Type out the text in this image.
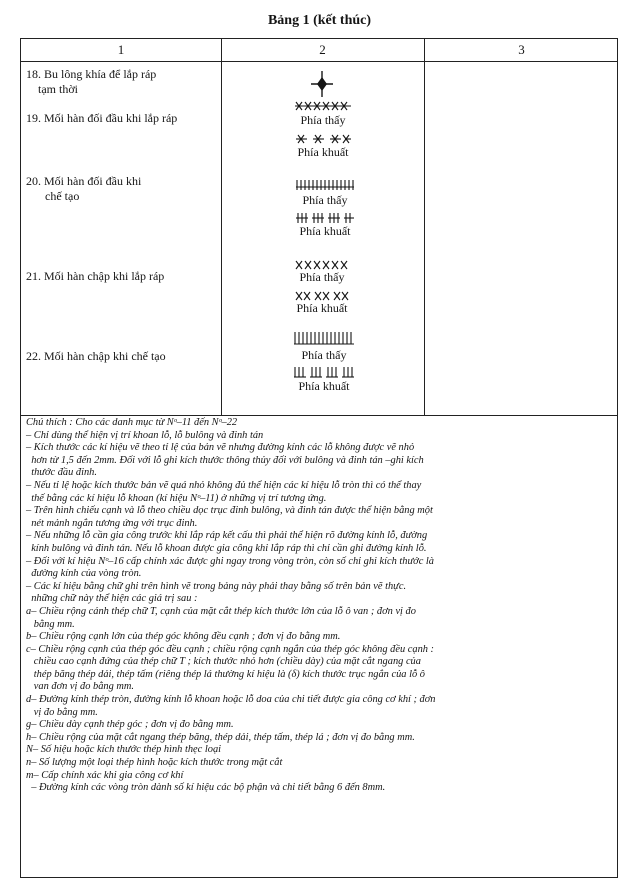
Bảng 1 (kết thúc)
1	2	3
18. Bu lông khía để lắp ráp
tạm thời
19. Mối hàn đối đầu khi lắp ráp	Phía thấy
Phía khuất
20. Mối hàn đối đầu khi
chế tạo	Phía thấy
Phía khuất
21. Mối hàn chập khi lắp ráp	Phía thấy
Phía khuất
22. Mối hàn chập khi chế tạo	Phía thấy
Phía khuất

Chú thích : Cho các danh mục từ Nᵒ–11 đến Nᵒ–22

– Chỉ dùng thể hiện vị trí khoan lỗ, lỗ bulông và đinh tán

– Kích thước các kí hiệu vẽ theo tỉ lệ của bản vẽ nhưng đường kính các lỗ không được vẽ nhỏ

hơn từ 1,5 đến 2mm. Đối với lỗ ghi kích thước thông thủy đối với bulông và đinh tán –ghi kích

thước đầu đinh.

– Nếu tỉ lệ hoặc kích thước bản vẽ quá nhỏ không đủ thể hiện các kí hiệu lỗ tròn thì có thể thay

thế bằng các kí hiệu lỗ khoan (kí hiệu Nᵒ–11) ở những vị trí tương ứng.

– Trên hình chiếu cạnh và lỗ theo chiều dọc trục đinh bulông, và đinh tán được thể hiện bằng một

nét mảnh ngắn tương ứng với trục đinh.

– Nếu những lỗ cần gia công trước khi lắp ráp kết cấu thì phải thể hiện rõ đường kính lỗ, đường

kính bulông và đinh tán. Nếu lỗ khoan được gia công khi lắp ráp thì chỉ cần ghi đường kính lỗ.

– Đối với kí hiệu Nᵒ–16 cấp chính xác được ghi ngay trong vòng tròn, còn số chỉ ghi kích thước là

đường kính của vòng tròn.

– Các kí hiệu bằng chữ ghi trên hình vẽ trong bảng này phải thay bằng số trên bản vẽ thực.

những chữ này thể hiện các giá trị sau :

a– Chiều rộng cánh thép chữ T, cạnh của mặt cắt thép kích thước lớn của lỗ ô van ; đơn vị đo

bằng mm.

b– Chiều rộng cạnh lớn của thép góc không đều cạnh ; đơn vị đo bằng mm.

c– Chiều rộng cạnh của thép góc đều cạnh ; chiều rộng cạnh ngắn của thép góc không đều cạnh :

chiều cao cạnh đứng của thép chữ T ; kích thước nhỏ hơn (chiều dày) của mặt cắt ngang của

thép băng thép dải, thép tấm (riêng thép lá thường kí hiệu là (δ) kích thước trục ngắn của lỗ ô

van đơn vị đo bằng mm.

d– Đường kính thép tròn, đường kính lỗ khoan hoặc lỗ doa của chi tiết được gia công cơ khí ; đơn

vị đo bằng mm.

g– Chiều dày cạnh thép góc ; đơn vị đo bằng mm.

h– Chiều rộng của mặt cắt ngang thép băng, thép dải, thép tấm, thép lá ; đơn vị đo bằng mm.

N– Số hiệu hoặc kích thước thép hình thẹc loại

n– Số lượng một loại thép hình hoặc kích thước trong mặt cắt

m– Cấp chính xác khi gia công cơ khí

– Đường kính các vòng tròn dành số kí hiệu các bộ phận và chi tiết bằng 6 đến 8mm.
